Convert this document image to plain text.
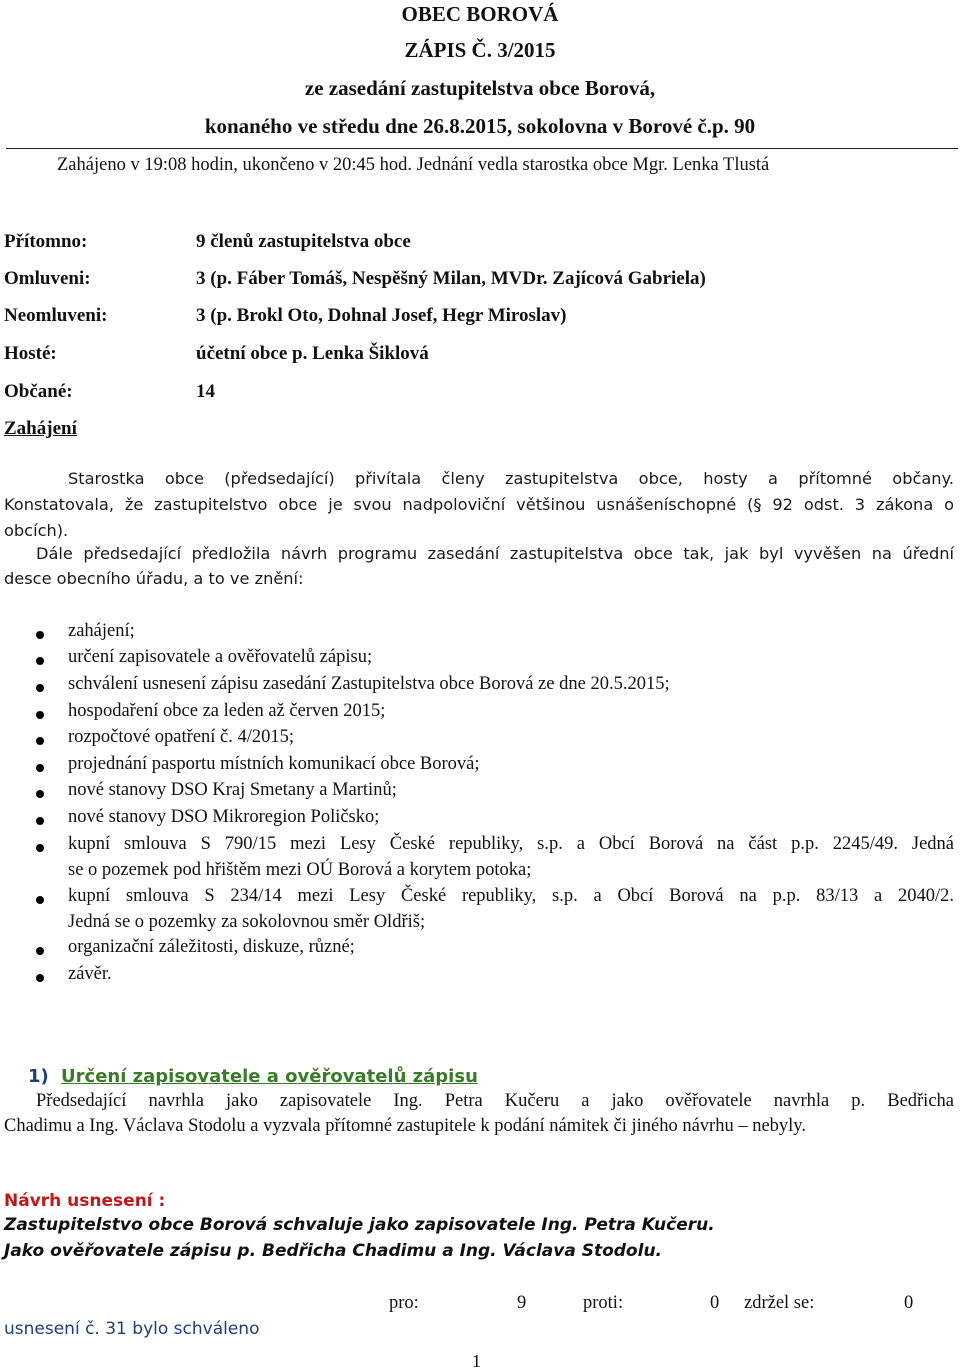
OBEC BOROVÁ
ZÁPIS Č. 3/2015
ze zasedání zastupitelstva obce Borová,
konaného ve středu dne 26.8.2015, sokolovna v Borové č.p. 90
Zahájeno v 19:08 hodin, ukončeno v 20:45 hod. Jednání vedla starostka obce Mgr. Lenka Tlustá
Přítomno:	9 členů zastupitelstva obce
Omluveni:	3 (p. Fáber Tomáš, Nespěšný Milan, MVDr. Zajícová Gabriela)
Neomluveni:	3 (p. Brokl Oto, Dohnal Josef, Hegr Miroslav)
Hosté:	účetní obce p. Lenka Šiklová
Občané:	14
Zahájení
Starostka obce (předsedající) přivítala členy zastupitelstva obce, hosty a přítomné občany.
Konstatovala, že zastupitelstvo obce je svou nadpoloviční většinou usnášeníschopné (§ 92 odst. 3 zákona o
obcích).
Dále předsedající předložila návrh programu zasedání zastupitelstva obce tak, jak byl vyvěšen na úřední
desce obecního úřadu, a to ve znění:
zahájení;
určení zapisovatele a ověřovatelů zápisu;
schválení usnesení zápisu zasedání Zastupitelstva obce Borová ze dne 20.5.2015;
hospodaření obce za leden až červen 2015;
rozpočtové opatření č. 4/2015;
projednání pasportu místních komunikací obce Borová;
nové stanovy DSO Kraj Smetany a Martinů;
nové stanovy DSO Mikroregion Poličsko;
kupní smlouva S 790/15 mezi Lesy České republiky, s.p. a Obcí Borová na část p.p. 2245/49. Jedná
se o pozemek pod hřištěm mezi OÚ Borová a korytem potoka;
kupní smlouva S 234/14 mezi Lesy České republiky, s.p. a Obcí Borová na p.p. 83/13 a 2040/2.
Jedná se o pozemky za sokolovnou směr Oldřiš;
organizační záležitosti, diskuze, různé;
závěr.
1) Určení zapisovatele a ověřovatelů zápisu
Předsedající navrhla jako zapisovatele Ing. Petra Kučeru a jako ověřovatele navrhla p. Bedřicha
Chadimu a Ing. Václava Stodolu a vyzvala přítomné zastupitele k podání námitek či jiného návrhu – nebyly.
Návrh usnesení :
Zastupitelstvo obce Borová schvaluje jako zapisovatele Ing. Petra Kučeru.
Jako ověřovatele zápisu p. Bedřicha Chadimu a Ing. Václava Stodolu.
pro:	9	proti:	0 zdržel se:	0
usnesení č. 31 bylo schváleno
1
